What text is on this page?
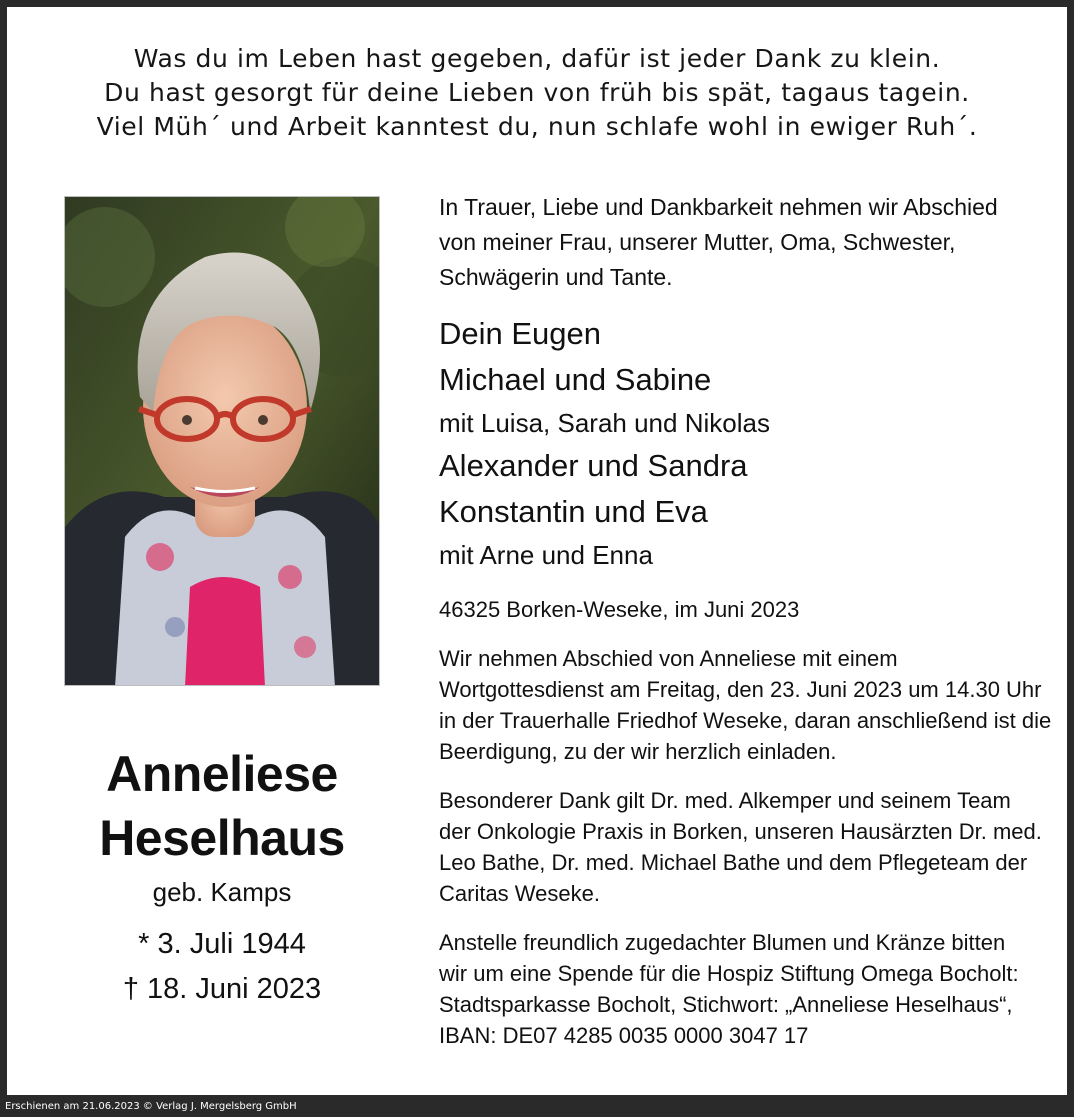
Was du im Leben hast gegeben, dafür ist jeder Dank zu klein.
Du hast gesorgt für deine Lieben von früh bis spät, tagaus tagein.
Viel Müh´ und Arbeit kanntest du, nun schlafe wohl in ewiger Ruh´.
Anneliese
Heselhaus
geb. Kamps
* 3. Juli 1944
† 18. Juni 2023
In Trauer, Liebe und Dankbarkeit nehmen wir Abschied
von meiner Frau, unserer Mutter, Oma, Schwester,
Schwägerin und Tante.
Dein Eugen
Michael und Sabine
mit Luisa, Sarah und Nikolas
Alexander und Sandra
Konstantin und Eva
mit Arne und Enna
46325 Borken-Weseke, im Juni 2023
Wir nehmen Abschied von Anneliese mit einem
Wortgottesdienst am Freitag, den 23. Juni 2023 um 14.30 Uhr
in der Trauerhalle Friedhof Weseke, daran anschließend ist die
Beerdigung, zu der wir herzlich einladen.
Besonderer Dank gilt Dr. med. Alkemper und seinem Team
der Onkologie Praxis in Borken, unseren Hausärzten Dr. med.
Leo Bathe, Dr. med. Michael Bathe und dem Pflegeteam der
Caritas Weseke.
Anstelle freundlich zugedachter Blumen und Kränze bitten
wir um eine Spende für die Hospiz Stiftung Omega Bocholt:
Stadtsparkasse Bocholt, Stichwort: „Anneliese Heselhaus“,
IBAN: DE07 4285 0035 0000 3047 17
Erschienen am 21.06.2023 © Verlag J. Mergelsberg GmbH
